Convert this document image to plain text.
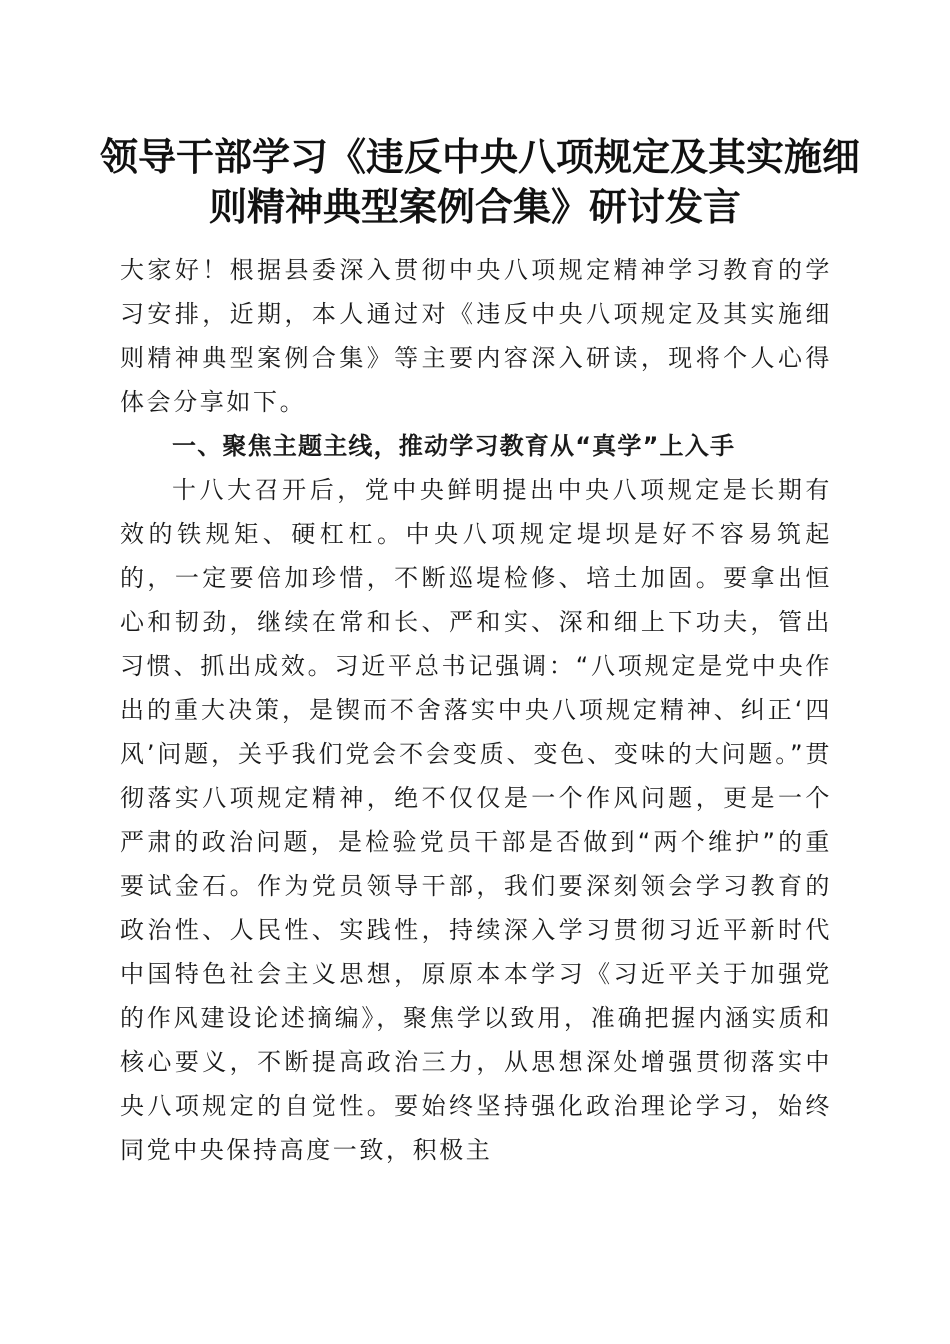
领导干部学习《违反中央八项规定及其实施细
则精神典型案例合集》研讨发言

大家好！根据县委深入贯彻中央八项规定精神学习教育的学习安排，近期，本人通过对《违反中央八项规定及其实施细则精神典型案例合集》等主要内容深入研读，现将个人心得体会分享如下。

一、聚焦主题主线，推动学习教育从“真学”上入手

十八大召开后，党中央鲜明提出中央八项规定是长期有效的铁规矩、硬杠杠。中央八项规定堤坝是好不容易筑起的，一定要倍加珍惜，不断巡堤检修、培土加固。要拿出恒心和韧劲，继续在常和长、严和实、深和细上下功夫，管出习惯、抓出成效。习近平总书记强调：“八项规定是党中央作出的重大决策，是锲而不舍落实中央八项规定精神、纠正‘四风’问题，关乎我们党会不会变质、变色、变味的大问题。”贯彻落实八项规定精神，绝不仅仅是一个作风问题，更是一个严肃的政治问题，是检验党员干部是否做到“两个维护”的重要试金石。作为党员领导干部，我们要深刻领会学习教育的政治性、人民性、实践性，持续深入学习贯彻习近平新时代中国特色社会主义思想，原原本本学习《习近平关于加强党的作风建设论述摘编》，聚焦学以致用，准确把握内涵实质和核心要义，不断提高政治三力，从思想深处增强贯彻落实中央八项规定的自觉性。要始终坚持强化政治理论学习，始终同党中央保持高度一致，积极主
